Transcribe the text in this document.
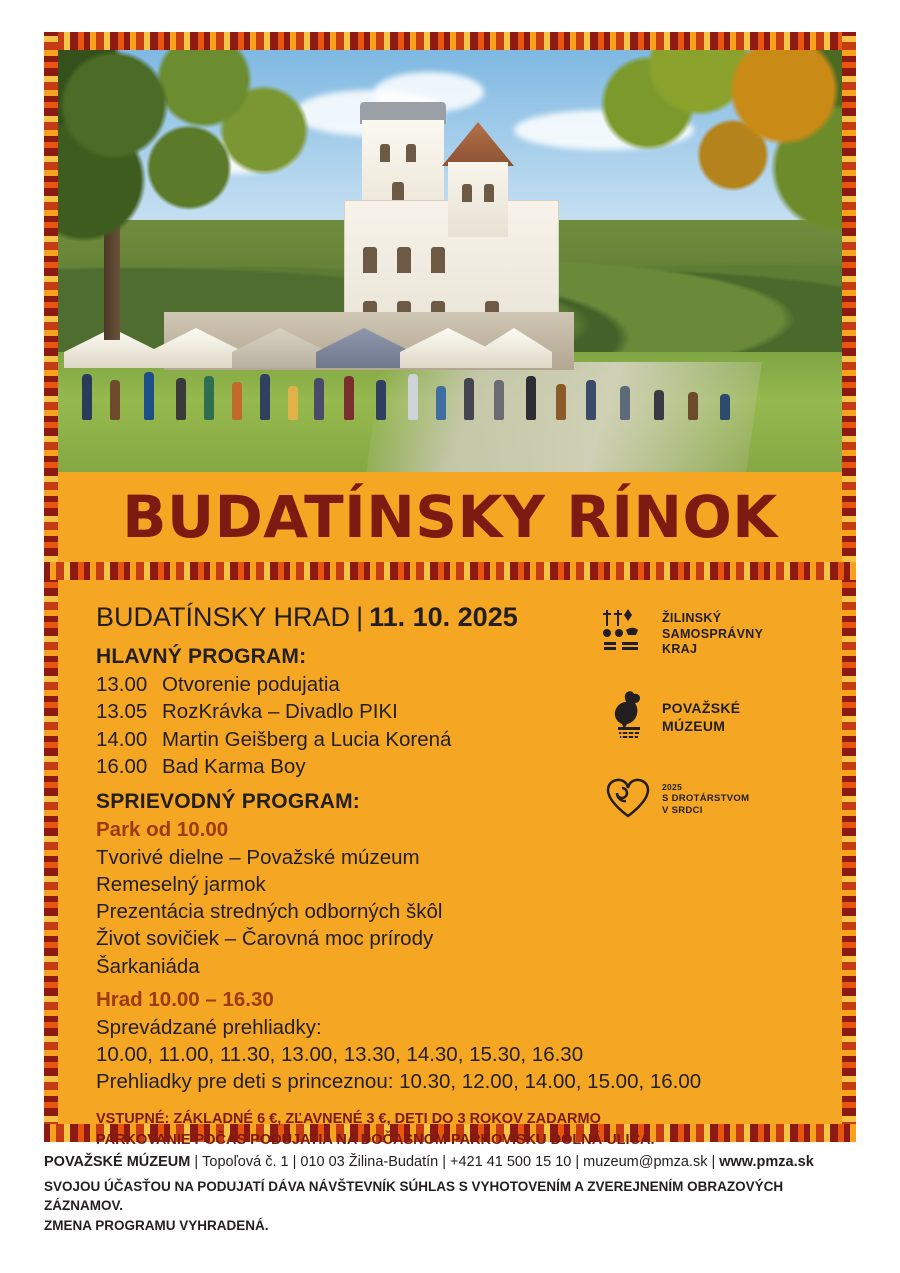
BUDATÍNSKY RÍNOK
BUDATÍNSKY HRAD | 11. 10. 2025
HLAVNÝ PROGRAM:
13.00 Otvorenie podujatia
13.05 RozKrávka – Divadlo PIKI
14.00 Martin Geišberg a Lucia Korená
16.00 Bad Karma Boy
SPRIEVODNÝ PROGRAM:
Park od 10.00
Tvorivé dielne – Považské múzeum
Remeselný jarmok
Prezentácia stredných odborných škôl
Život sovičiek – Čarovná moc prírody
Šarkaniáda
Hrad 10.00 – 16.30
Sprevádzané prehliadky:
10.00, 11.00, 11.30, 13.00, 13.30, 14.30, 15.30, 16.30
Prehliadky pre deti s princeznou: 10.30, 12.00, 14.00, 15.00, 16.00
VSTUPNÉ: ZÁKLADNÉ 6 €, ZĽAVNENÉ 3 €, DETI DO 3 ROKOV ZADARMO
PARKOVANIE POČAS PODUJATIA NA DOČASNOM PARKOVISKU DOLNÁ ULICA.
ŽILINSKÝ
SAMOSPRÁVNY
KRAJ
POVAŽSKÉ
MÚZEUM
2025
S DROTÁRSTVOM
V SRDCI
POVAŽSKÉ MÚZEUM | Topoľová č. 1 | 010 03 Žilina-Budatín | +421 41 500 15 10 | muzeum@pmza.sk | www.pmza.sk
SVOJOU ÚČASŤOU NA PODUJATÍ DÁVA NÁVŠTEVNÍK SÚHLAS S VYHOTOVENÍM A ZVEREJNENÍM OBRAZOVÝCH ZÁZNAMOV.
ZMENA PROGRAMU VYHRADENÁ.
